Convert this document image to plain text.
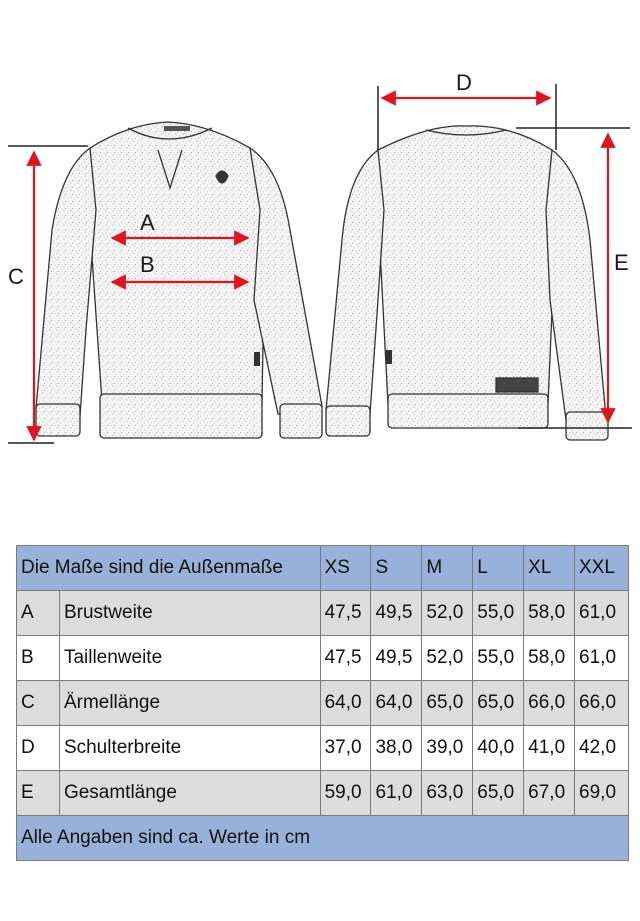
A
B
C
D
E
Die Maße sind die Außenmaße		XS	S	M	L	XL	XXL
A	Brustweite	47,5	49,5	52,0	55,0	58,0	61,0
B	Taillenweite	47,5	49,5	52,0	55,0	58,0	61,0
C	Ärmellänge	64,0	64,0	65,0	65,0	66,0	66,0
D	Schulterbreite	37,0	38,0	39,0	40,0	41,0	42,0
E	Gesamtlänge	59,0	61,0	63,0	65,0	67,0	69,0
Alle Angaben sind ca. Werte in cm							
